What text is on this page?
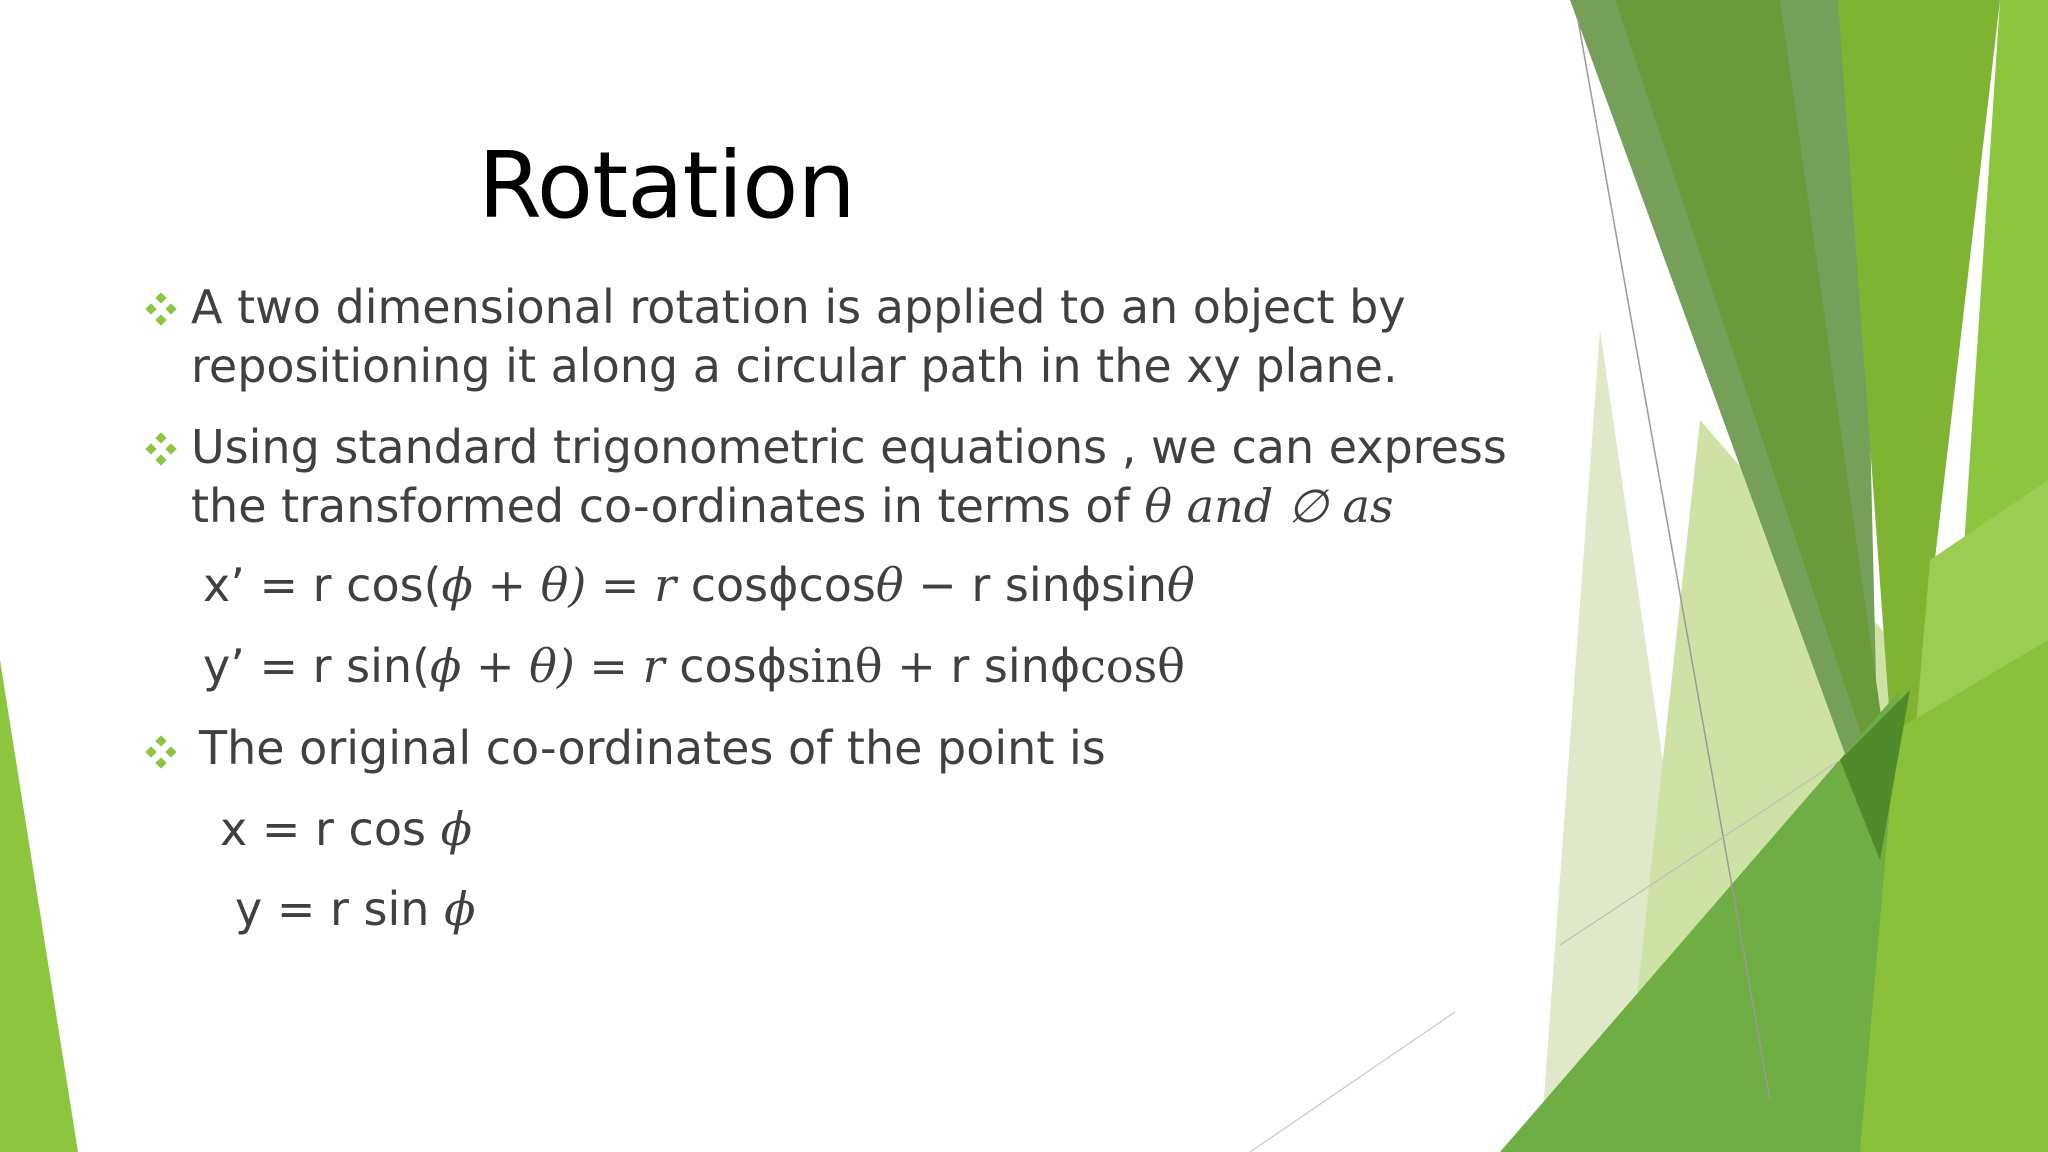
Rotation
A two dimensional rotation is applied to an object by
repositioning it along a circular path in the xy plane.
Using standard trigonometric equations , we can express
the transformed co-ordinates in terms of θ and ∅ as
x’ = r cos(ϕ + θ) = r cosϕcosθ − r sinϕsinθ
y’ = r sin(ϕ + θ) = r cosϕsinθ + r sinϕcosθ
The original co-ordinates of the point is
x = r cos ϕ
y = r sin ϕ
